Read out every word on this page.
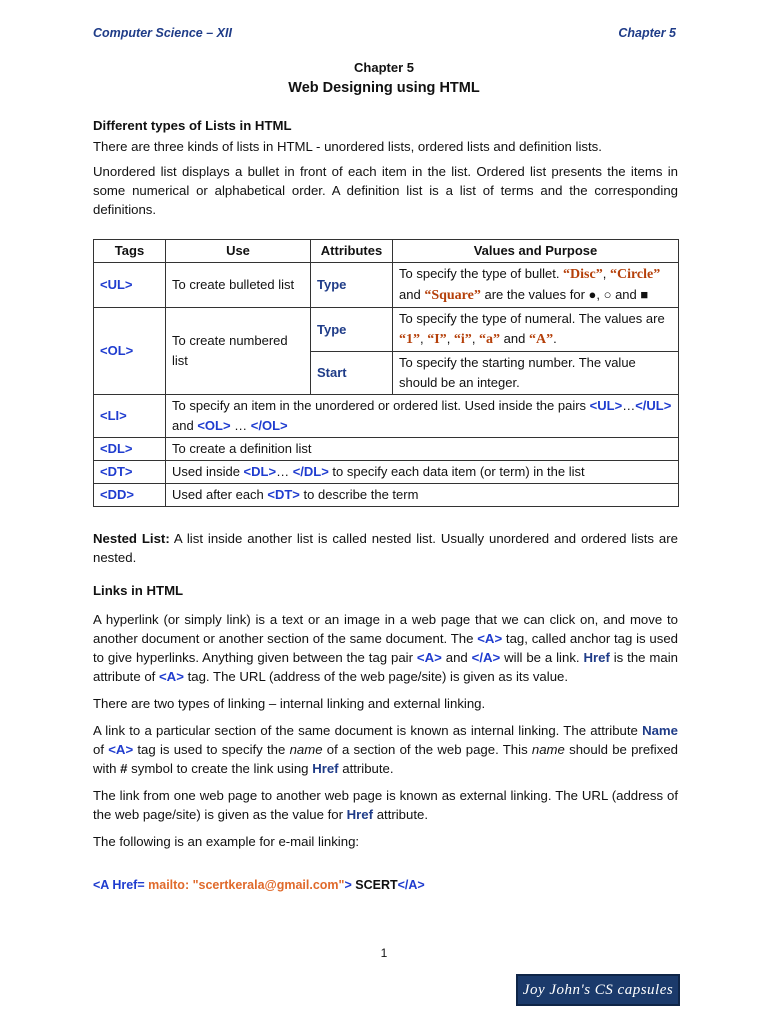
Computer Science – XII	Chapter 5
Chapter 5
Web Designing using HTML

Different types of Lists in HTML

There are three kinds of lists in HTML - unordered lists, ordered lists and definition lists.

Unordered list displays a bullet in front of each item in the list. Ordered list presents the items in some numerical or alphabetical order. A definition list is a list of terms and the corresponding definitions.

Tags	Use	Attributes	Values and Purpose
<UL>	To create bulleted list	Type	To specify the type of bullet. “Disc”, “Circle” and “Square” are the values for ●, ○ and ■
<OL>	To create numbered list	Type	To specify the type of numeral. The values are “1”, “I”, “i”, “a” and “A”.
		Start	To specify the starting number. The value should be an integer.
<LI>	To specify an item in the unordered or ordered list. Used inside the pairs <UL>…</UL> and <OL> … </OL>		
<DL>	To create a definition list		
<DT>	Used inside <DL>… </DL> to specify each data item (or term) in the list		
<DD>	Used after each <DT> to describe the term		

Nested List: A list inside another list is called nested list. Usually unordered and ordered lists are nested.

Links in HTML

A hyperlink (or simply link) is a text or an image in a web page that we can click on, and move to another document or another section of the same document. The <A> tag, called anchor tag is used to give hyperlinks. Anything given between the tag pair <A> and </A> will be a link. Href is the main attribute of <A> tag. The URL (address of the web page/site) is given as its value.

There are two types of linking – internal linking and external linking.

A link to a particular section of the same document is known as internal linking. The attribute Name of <A> tag is used to specify the name of a section of the web page. This name should be prefixed with # symbol to create the link using Href attribute.

The link from one web page to another web page is known as external linking. The URL (address of the web page/site) is given as the value for Href attribute.

The following is an example for e-mail linking:

<A Href= mailto: "scertkerala@gmail.com"> SCERT</A>
1
Joy John's CS capsules
